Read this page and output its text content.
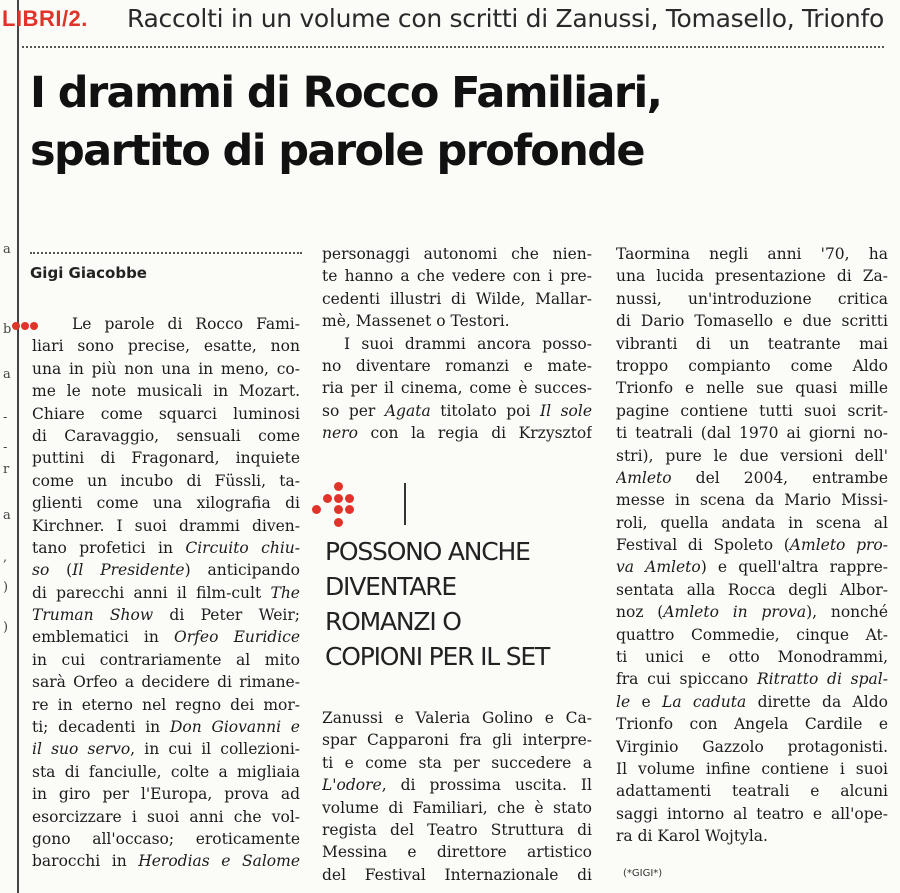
a
b
a
-
-
r
a
,
)
)
LIBRI/2. Raccolti in un volume con scritti di Zanussi, Tomasello, Trionfo
I drammi di Rocco Familiari,
spartito di parole profonde
Gigi Giacobbe
Le parole di Rocco Fami-
liari sono precise, esatte, non
una in più non una in meno, co-
me le note musicali in Mozart.
Chiare come squarci luminosi
di Caravaggio, sensuali come
puttini di Fragonard, inquiete
come un incubo di Füssli, ta-
glienti come una xilografia di
Kirchner. I suoi drammi diven-
tano profetici in Circuito chiu-
so (Il Presidente) anticipando
di parecchi anni il film-cult The
Truman Show di Peter Weir;
emblematici in Orfeo Euridice
in cui contrariamente al mito
sarà Orfeo a decidere di rimane-
re in eterno nel regno dei mor-
ti; decadenti in Don Giovanni e
il suo servo, in cui il collezioni-
sta di fanciulle, colte a migliaia
in giro per l'Europa, prova ad
esorcizzare i suoi anni che vol-
gono all'occaso; eroticamente
barocchi in Herodias e Salome
personaggi autonomi che nien-
te hanno a che vedere con i pre-
cedenti illustri di Wilde, Mallar-
mè, Massenet o Testori.
I suoi drammi ancora posso-
no diventare romanzi e mate-
ria per il cinema, come è succes-
so per Agata titolato poi Il sole
nero con la regia di Krzysztof
POSSONO ANCHE
DIVENTARE
ROMANZI O
COPIONI PER IL SET
Zanussi e Valeria Golino e Ca-
spar Capparoni fra gli interpre-
ti e come sta per succedere a
L'odore, di prossima uscita. Il
volume di Familiari, che è stato
regista del Teatro Struttura di
Messina e direttore artistico
del Festival Internazionale di
Taormina negli anni '70, ha
una lucida presentazione di Za-
nussi, un'introduzione critica
di Dario Tomasello e due scritti
vibranti di un teatrante mai
troppo compianto come Aldo
Trionfo e nelle sue quasi mille
pagine contiene tutti suoi scrit-
ti teatrali (dal 1970 ai giorni no-
stri), pure le due versioni dell'
Amleto del 2004, entrambe
messe in scena da Mario Missi-
roli, quella andata in scena al
Festival di Spoleto (Amleto pro-
va Amleto) e quell'altra rappre-
sentata alla Rocca degli Albor-
noz (Amleto in prova), nonché
quattro Commedie, cinque At-
ti unici e otto Monodrammi,
fra cui spiccano Ritratto di spal-
le e La caduta dirette da Aldo
Trionfo con Angela Cardile e
Virginio Gazzolo protagonisti.
Il volume infine contiene i suoi
adattamenti teatrali e alcuni
saggi intorno al teatro e all'ope-
ra di Karol Wojtyla.
(*GIGI*)
